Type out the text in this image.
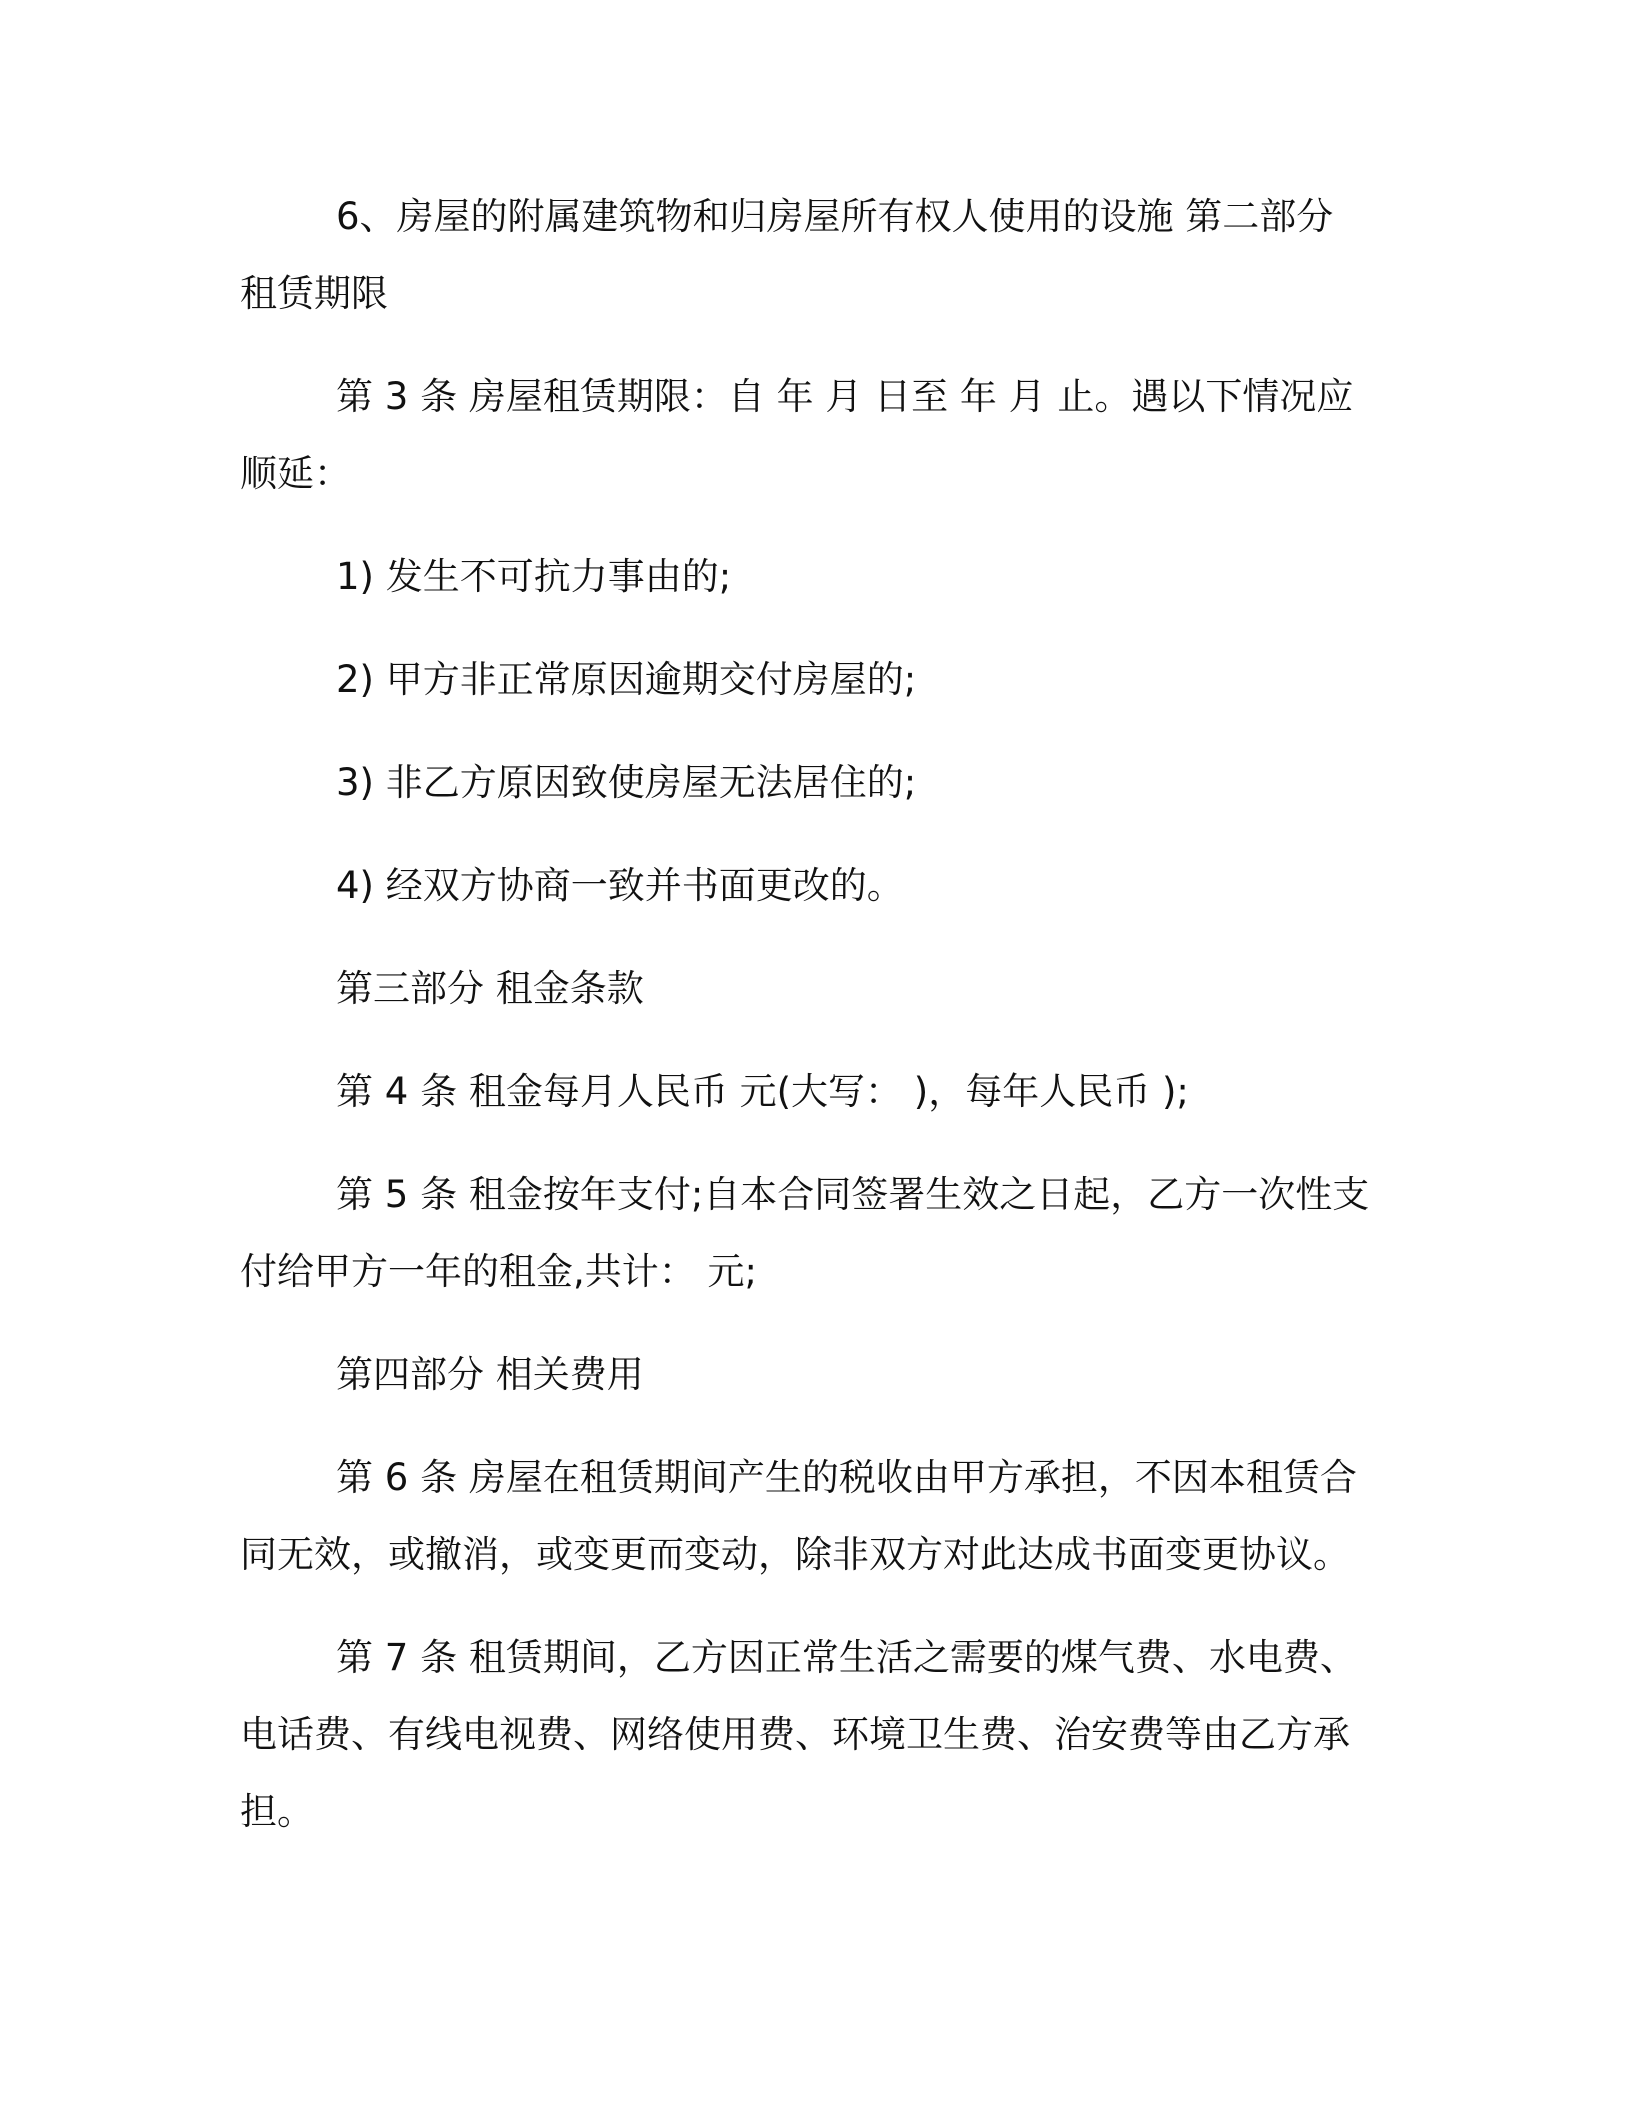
6、房屋的附属建筑物和归房屋所有权人使用的设施 第二部分 租赁期限

第 3 条 房屋租赁期限：自 年 月 日至 年 月 止。遇以下情况应顺延：

1) 发生不可抗力事由的;

2) 甲方非正常原因逾期交付房屋的;

3) 非乙方原因致使房屋无法居住的;

4) 经双方协商一致并书面更改的。

第三部分 租金条款

第 4 条 租金每月人民币 元(大写： )，每年人民币 );

第 5 条 租金按年支付;自本合同签署生效之日起，乙方一次性支付给甲方一年的租金,共计： 元;

第四部分 相关费用

第 6 条 房屋在租赁期间产生的税收由甲方承担，不因本租赁合同无效，或撤消，或变更而变动，除非双方对此达成书面变更协议。

第 7 条 租赁期间，乙方因正常生活之需要的煤气费、水电费、电话费、有线电视费、网络使用费、环境卫生费、治安费等由乙方承担。
